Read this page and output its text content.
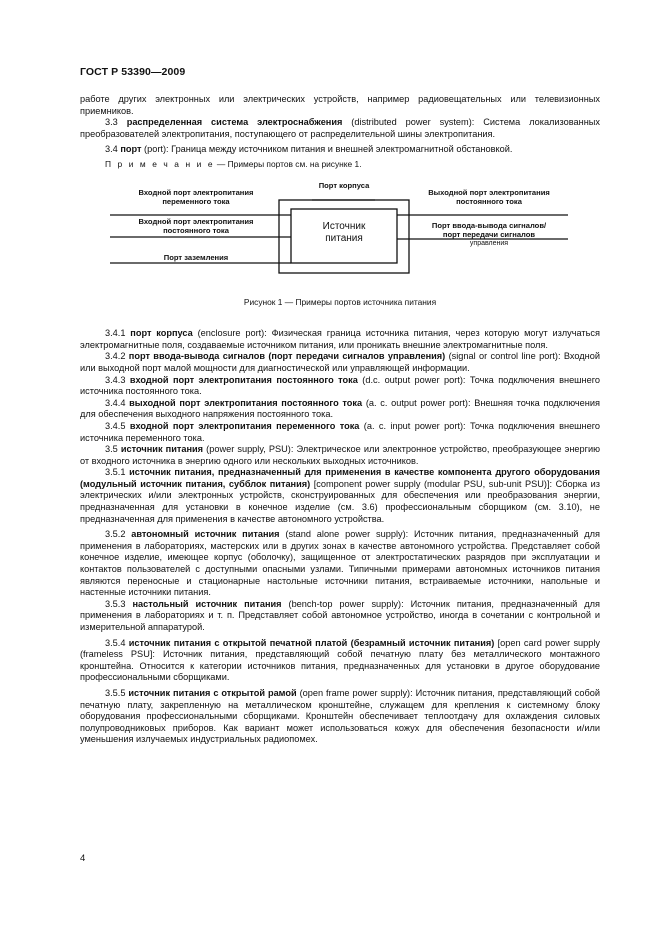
ГОСТ Р 53390—2009

работе других электронных или электрических устройств, например радиовещательных или телевизионных приемников.

3.3 распределенная система электроснабжения (distributed power system): Система локализованных преобразователей электропитания, поступающего от распределительной шины электропитания.

3.4 порт (port): Граница между источником питания и внешней электромагнитной обстановкой.

П р и м е ч а н и е — Примеры портов см. на рисунке 1.

Порт корпуса
Входной порт электропитания
переменного тока
Входной порт электропитания
постоянного тока
Порт заземления
Источник
питания
Выходной порт электропитания
постоянного тока
Порт ввода-вывода сигналов/
порт передачи сигналов
управления

Рисунок 1 — Примеры портов источника питания

3.4.1 порт корпуса (enclosure port): Физическая граница источника питания, через которую могут излучаться электромагнитные поля, создаваемые источником питания, или проникать внешние электромагнитные поля.

3.4.2 порт ввода-вывода сигналов (порт передачи сигналов управления) (signal or control line port): Входной или выходной порт малой мощности для диагностической или управляющей информации.

3.4.3 входной порт электропитания постоянного тока (d.c. output power port): Точка подключения внешнего источника постоянного тока.

3.4.4 выходной порт электропитания постоянного тока (a. c. output power port): Внешняя точка подключения для обеспечения выходного напряжения постоянного тока.

3.4.5 входной порт электропитания переменного тока (a. c. input power port): Точка подключения внешнего источника переменного тока.

3.5 источник питания (power supply, PSU): Электрическое или электронное устройство, преобразующее энергию от входного источника в энергию одного или нескольких выходных источников.

3.5.1 источник питания, предназначенный для применения в качестве компонента другого оборудования (модульный источник питания, субблок питания) [component power supply (modular PSU, sub-unit PSU)]: Сборка из электрических и/или электронных устройств, сконструированных для обеспечения или преобразования энергии, предназначенная для установки в конечное изделие (см. 3.6) профессиональным сборщиком (см. 3.10), не предназначенная для применения в качестве автономного устройства.

3.5.2 автономный источник питания (stand alone power supply): Источник питания, предназначенный для применения в лабораториях, мастерских или в других зонах в качестве автономного устройства. Представляет собой конечное изделие, имеющее корпус (оболочку), защищенное от электростатических разрядов при эксплуатации и контактов пользователей с доступными опасными узлами. Типичными примерами автономных источников питания являются переносные и стационарные настольные источники питания, встраиваемые источники, напольные и настенные источники питания.

3.5.3 настольный источник питания (bench-top power supply): Источник питания, предназначенный для применения в лабораториях и т. п. Представляет собой автономное устройство, иногда в сочетании с контрольной и измерительной аппаратурой.

3.5.4 источник питания с открытой печатной платой (безрамный источник питания) [open card power supply (frameless PSU]: Источник питания, представляющий собой печатную плату без металлического монтажного кронштейна. Относится к категории источников питания, предназначенных для установки в другое оборудование профессиональными сборщиками.

3.5.5 источник питания с открытой рамой (open frame power supply): Источник питания, представляющий собой печатную плату, закрепленную на металлическом кронштейне, служащем для крепления к системному блоку оборудования профессиональными сборщиками. Кронштейн обеспечивает теплоотдачу для охлаждения силовых полупроводниковых приборов. Как вариант может использоваться кожух для обеспечения безопасности и/или уменьшения излучаемых индустриальных радиопомех.

4
